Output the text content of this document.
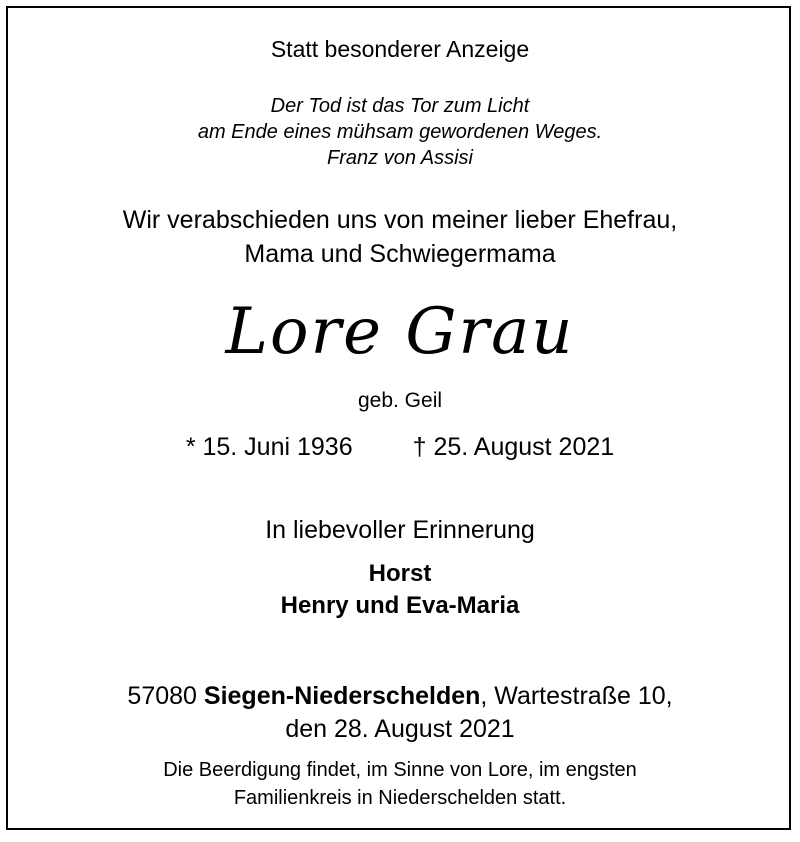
Statt besonderer Anzeige
Der Tod ist das Tor zum Licht
am Ende eines mühsam gewordenen Weges.
Franz von Assisi
Wir verabschieden uns von meiner lieber Ehefrau,
Mama und Schwiegermama
Lore Grau
geb. Geil
* 15. Juni 1936 † 25. August 2021
In liebevoller Erinnerung
Horst
Henry und Eva-Maria
57080 Siegen-Niederschelden, Wartestraße 10,
den 28. August 2021
Die Beerdigung findet, im Sinne von Lore, im engsten
Familienkreis in Niederschelden statt.
